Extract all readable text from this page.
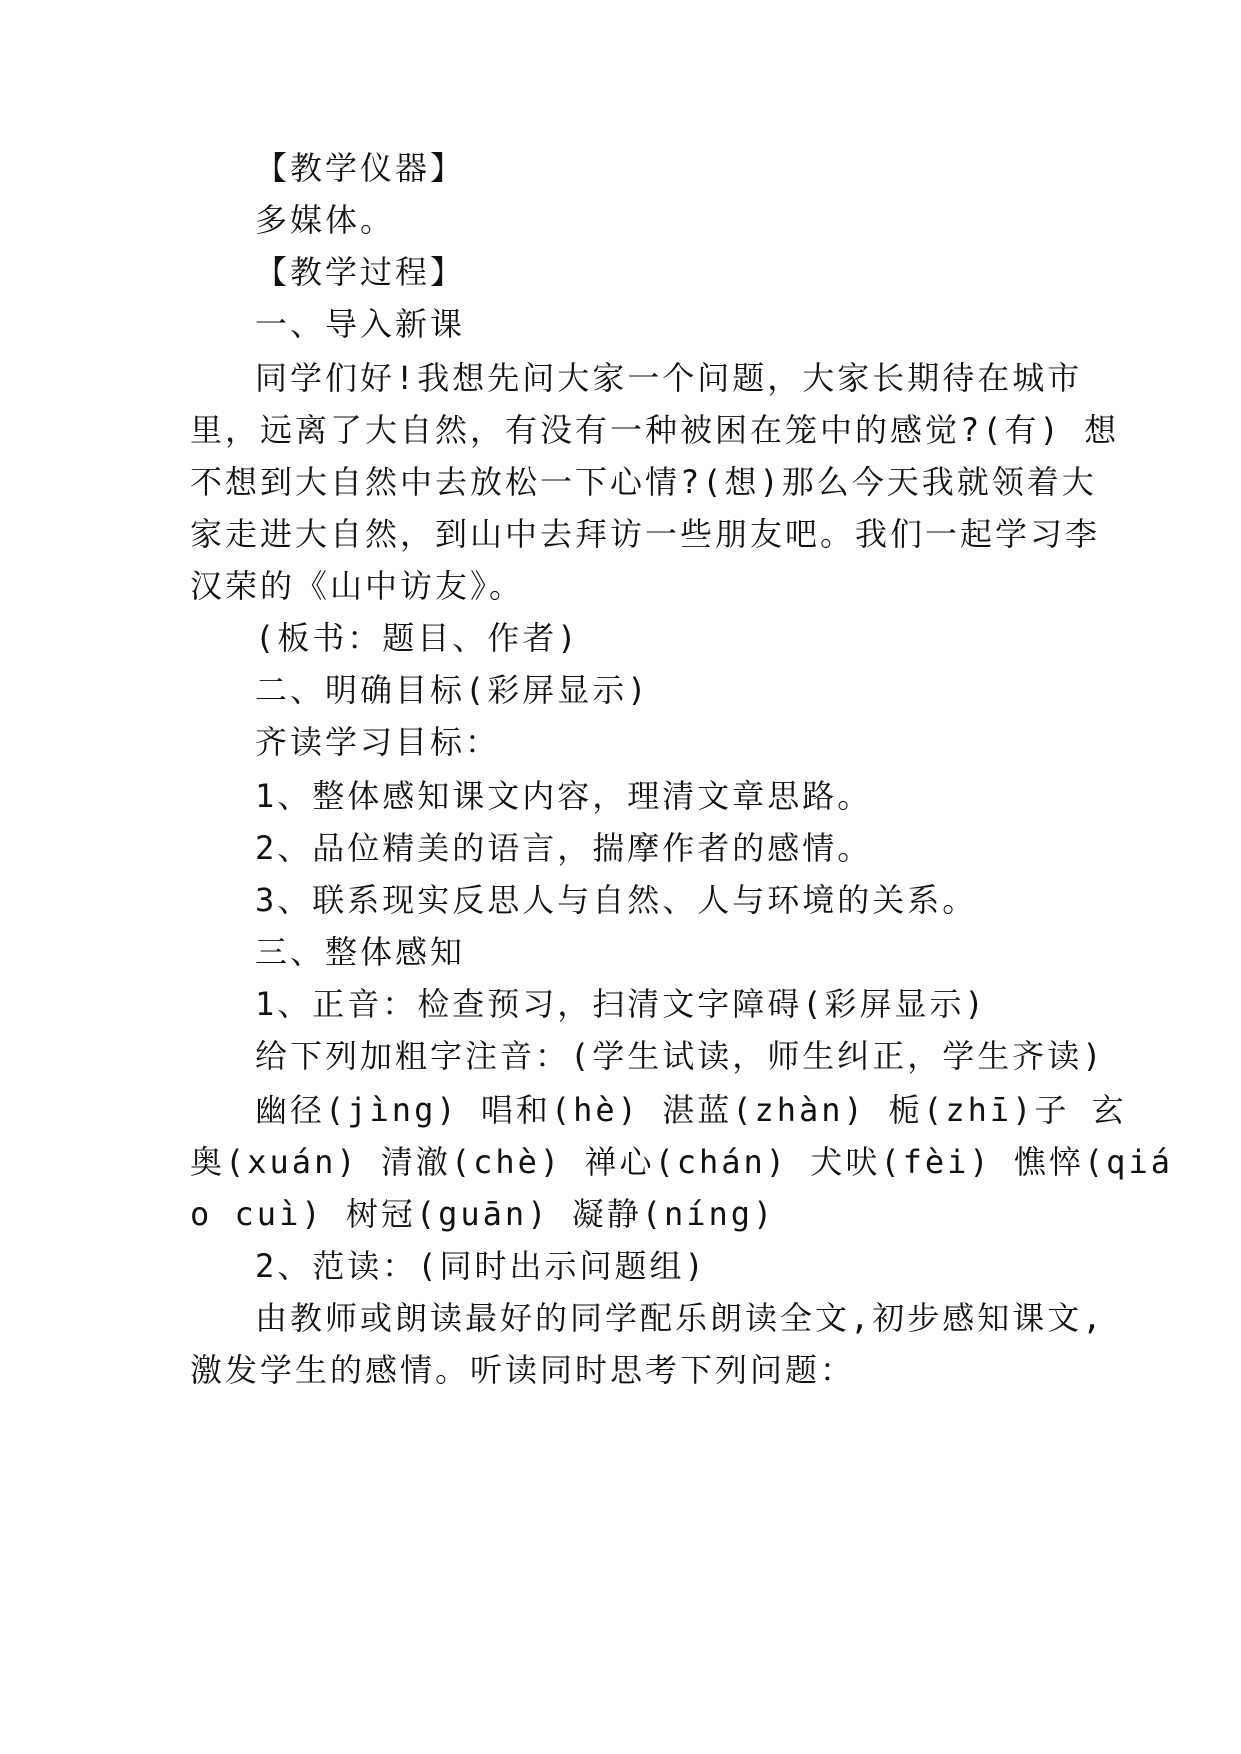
【教学仪器】
多媒体。
【教学过程】
一、导入新课
同学们好!我想先问大家一个问题，大家长期待在城市
里，远离了大自然，有没有一种被困在笼中的感觉?(有) 想
不想到大自然中去放松一下心情?(想)那么今天我就领着大
家走进大自然，到山中去拜访一些朋友吧。我们一起学习李
汉荣的《山中访友》。
(板书：题目、作者)
二、明确目标(彩屏显示)
齐读学习目标：
1、整体感知课文内容，理清文章思路。
2、品位精美的语言，揣摩作者的感情。
3、联系现实反思人与自然、人与环境的关系。
三、整体感知
1、正音：检查预习，扫清文字障碍(彩屏显示)
给下列加粗字注音：(学生试读，师生纠正，学生齐读)
幽径(jìng) 唱和(hè) 湛蓝(zhàn) 栀(zhī)子 玄
奥(xuán) 清澈(chè) 禅心(chán) 犬吠(fèi) 憔悴(qiá
o cuì) 树冠(guān) 凝静(níng)
2、范读：(同时出示问题组)
由教师或朗读最好的同学配乐朗读全文,初步感知课文,
激发学生的感情。听读同时思考下列问题：
